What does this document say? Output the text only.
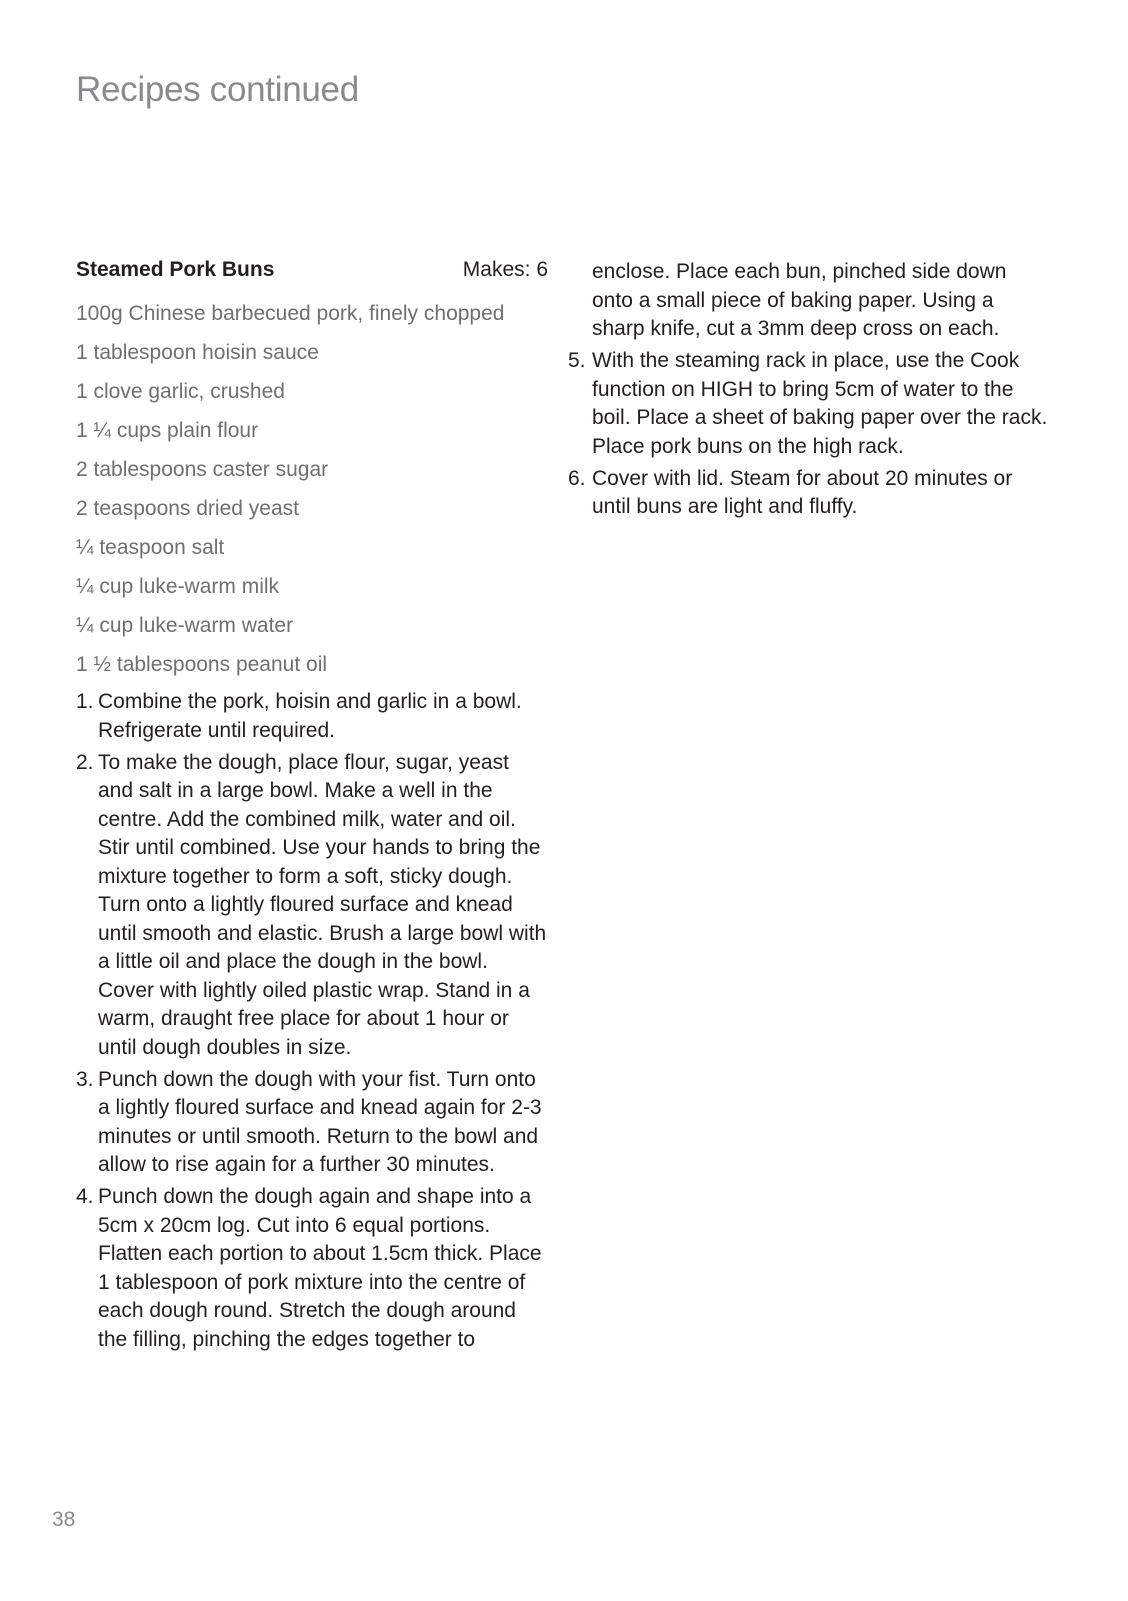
Recipes continued
Steamed Pork Buns	Makes: 6
100g Chinese barbecued pork, finely chopped
1 tablespoon hoisin sauce
1 clove garlic, crushed
1 ¼ cups plain flour
2 tablespoons caster sugar
2 teaspoons dried yeast
¼ teaspoon salt
¼ cup luke-warm milk
¼ cup luke-warm water
1 ½ tablespoons peanut oil
1. Combine the pork, hoisin and garlic in a bowl. Refrigerate until required.
2. To make the dough, place flour, sugar, yeast and salt in a large bowl. Make a well in the centre. Add the combined milk, water and oil. Stir until combined. Use your hands to bring the mixture together to form a soft, sticky dough. Turn onto a lightly floured surface and knead until smooth and elastic. Brush a large bowl with a little oil and place the dough in the bowl. Cover with lightly oiled plastic wrap. Stand in a warm, draught free place for about 1 hour or until dough doubles in size.
3. Punch down the dough with your fist. Turn onto a lightly floured surface and knead again for 2-3 minutes or until smooth. Return to the bowl and allow to rise again for a further 30 minutes.
4. Punch down the dough again and shape into a 5cm x 20cm log. Cut into 6 equal portions. Flatten each portion to about 1.5cm thick. Place 1 tablespoon of pork mixture into the centre of each dough round. Stretch the dough around the filling, pinching the edges together to
enclose. Place each bun, pinched side down onto a small piece of baking paper. Using a sharp knife, cut a 3mm deep cross on each.
5. With the steaming rack in place, use the Cook function on HIGH to bring 5cm of water to the boil. Place a sheet of baking paper over the rack. Place pork buns on the high rack.
6. Cover with lid. Steam for about 20 minutes or until buns are light and fluffy.
38
